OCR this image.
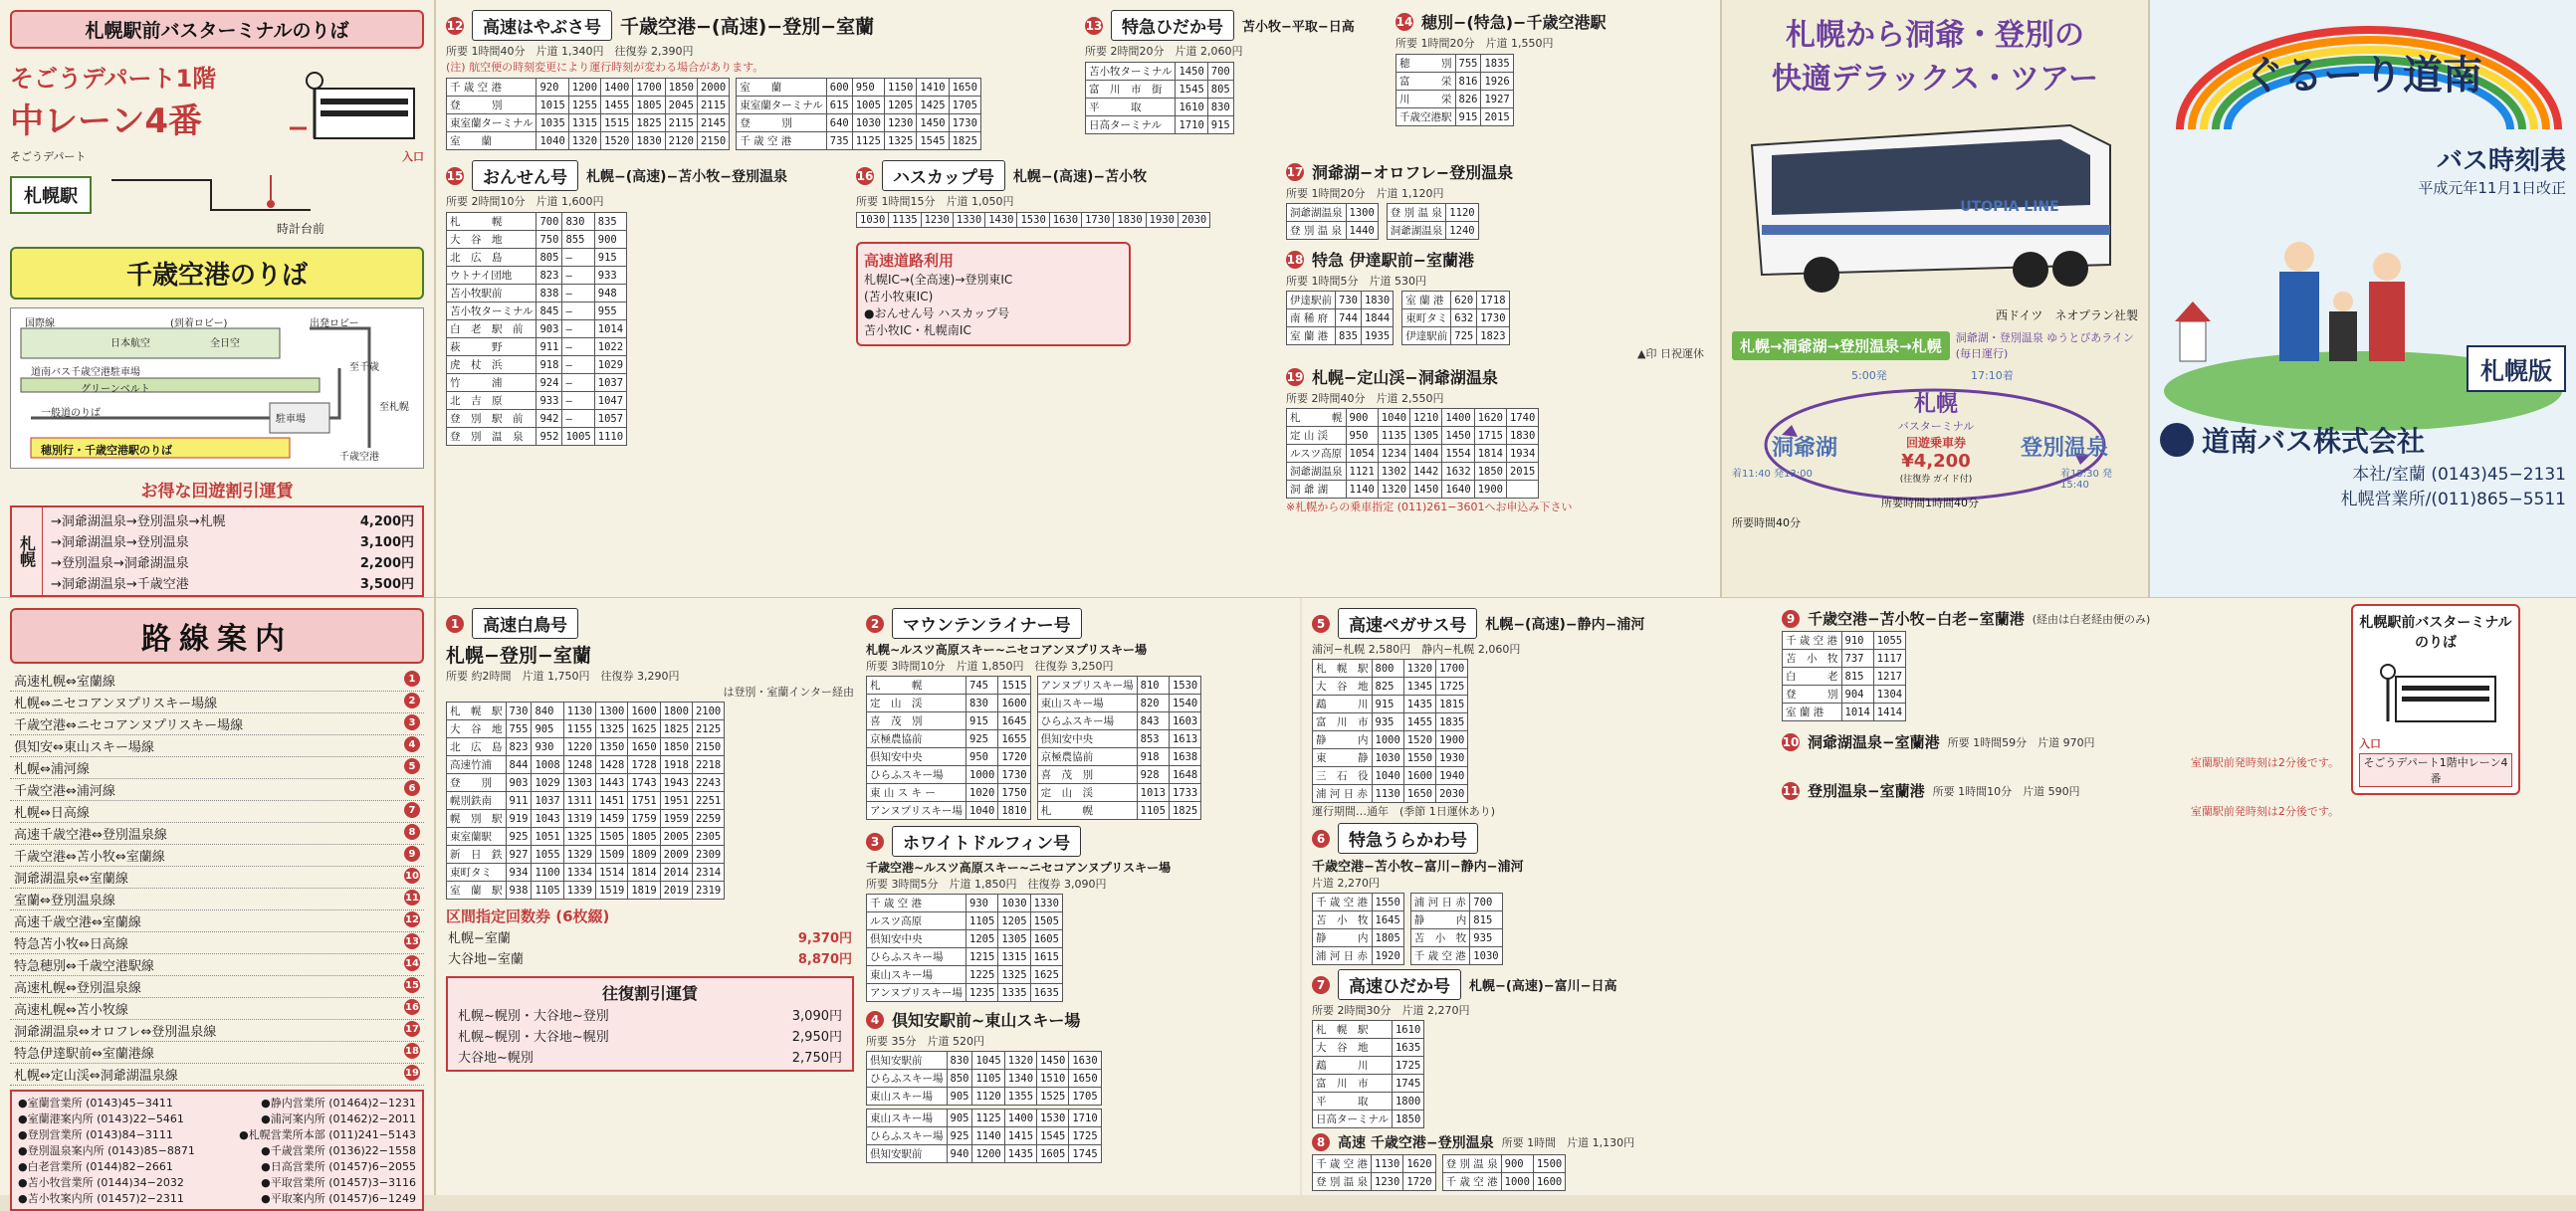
札幌駅前バスターミナルのりば
そごうデパート1階
中レーン4番
そごうデパート	入口
札幌駅
時計台前
千歳空港のりば
国際線
日本航空
(到着ロビー)
全日空
出発ロビー
道南バス千歳空港駐車場
グリーンベルト
駐車場
至千歳
至札幌
一般道のりば
千歳空港
穂別行・千歳空港駅のりば
お得な回遊割引運賃
札幌
→洞爺湖温泉→登別温泉→札幌	4,200円
→洞爺湖温泉→登別温泉	3,100円
→登別温泉→洞爺湖温泉	2,200円
→洞爺湖温泉→千歳空港	3,500円
12	高速はやぶさ号	千歳空港−(高速)−登別−室蘭
所要 1時間40分　片道 1,340円　往復券 2,390円
(注) 航空便の時刻変更により運行時刻が変わる場合があります。
千 歳 空 港	920	1200	1400	1700	1850	2000
登　　　別	1015	1255	1455	1805	2045	2115
東室蘭ターミナル	1035	1315	1515	1825	2115	2145
室　　蘭	1040	1320	1520	1830	2120	2150
室　　蘭	600	950	1150	1410	1650
東室蘭ターミナル	615	1005	1205	1425	1705
登　　　別	640	1030	1230	1450	1730
千 歳 空 港	735	1125	1325	1545	1825
13	特急ひだか号	苫小牧−平取−日高
所要 2時間20分　片道 2,060円
苫小牧ターミナル	1450	700
富　川　市　街	1545	805
平　　　取	1610	830
日高ターミナル	1710	915
14 穂別−(特急)−千歳空港駅
所要 1時間20分　片道 1,550円
穂　　　別	755	1835
富　　　栄	816	1926
川　　　栄	826	1927
千歳空港駅	915	2015
15	おんせん号	札幌−(高速)−苫小牧−登別温泉
所要 2時間10分　片道 1,600円
札　　　幌	700	830	835
大　谷　地	750	855	900
北　広　島	805	—	915
ウトナイ団地	823	—	933
苫小牧駅前	838	—	948
苫小牧ターミナル	845	—	955
白　老　駅　前	903	—	1014
萩　　　野	911	—	1022
虎　杖　浜	918	—	1029
竹　　　浦	924	—	1037
北　吉　原	933	—	1047
登　別　駅　前	942	—	1057
登　別　温　泉	952	1005	1110
16	ハスカップ号	札幌−(高速)−苫小牧
所要 1時間15分　片道 1,050円
1030	1135	1230	1330	1430	1530	1630	1730	1830	1930	2030
高速道路利用
札幌IC→(全高速)→登別東IC
(苫小牧東IC)
●おんせん号 ハスカップ号
苫小牧IC・札幌南IC
17 洞爺湖−オロフレ−登別温泉
所要 1時間20分　片道 1,120円
洞爺湖温泉	1300
登 別 温 泉	1440
登 別 温 泉	1120
洞爺湖温泉	1240
18 特急 伊達駅前−室蘭港
所要 1時間5分　片道 530円
伊達駅前	730	1830
南 稀 府	744	1844
室 蘭 港	835	1935
室 蘭 港	620	1718
東町タミ	632	1730
伊達駅前	725	1823
▲印 日祝運休
19 札幌−定山渓−洞爺湖温泉
所要 2時間40分　片道 2,550円
札　　　幌	900	1040	1210	1400	1620	1740
定 山 渓	950	1135	1305	1450	1715	1830
ルスツ高原	1054	1234	1404	1554	1814	1934
洞爺湖温泉	1121	1302	1442	1632	1850	2015
洞 爺 湖	1140	1320	1450	1640	1900	
※札幌からの乗車指定 (011)261−3601へお申込み下さい
札幌から洞爺・登別の
快適デラックス・ツアー
UTOPIA LINE
西ドイツ　ネオプラン社製
札幌→洞爺湖→登別温泉→札幌	洞爺湖・登別温泉 ゆうとぴあライン
(毎日運行)
5:00発	17:10着
札幌
バスターミナル
回遊乗車券
¥4,200
(往復券 ガイド付)
洞爺湖	登別温泉
着11:40 発13:00	着15:30 発15:40
所要時間1時間40分
所要時間40分
ぐるーり道南
バス時刻表
平成元年11月1日改正
札幌版
道南バス株式会社
本社/室蘭 (0143)45−2131
札幌営業所/(011)865−5511
路線案内
高速札幌⇔室蘭線	1
札幌⇔ニセコアンヌプリスキー場線	2
千歳空港⇔ニセコアンヌプリスキー場線	3
倶知安⇔東山スキー場線	4
札幌⇔浦河線	5
千歳空港⇔浦河線	6
札幌⇔日高線	7
高速千歳空港⇔登別温泉線	8
千歳空港⇔苫小牧⇔室蘭線	9
洞爺湖温泉⇔室蘭線	10
室蘭⇔登別温泉線	11
高速千歳空港⇔室蘭線	12
特急苫小牧⇔日高線	13
特急穂別⇔千歳空港駅線	14
高速札幌⇔登別温泉線	15
高速札幌⇔苫小牧線	16
洞爺湖温泉⇔オロフレ⇔登別温泉線	17
特急伊達駅前⇔室蘭港線	18
札幌⇔定山渓⇔洞爺湖温泉線	19
●室蘭営業所 (0143)45−3411	●静内営業所 (01464)2−1231
●室蘭港案内所 (0143)22−5461	●浦河案内所 (01462)2−2011
●登別営業所 (0143)84−3111	●札幌営業所本部 (011)241−5143
●登別温泉案内所 (0143)85−8871	●千歳営業所 (0136)22−1558
●白老営業所 (0144)82−2661	●日高営業所 (01457)6−2055
●苫小牧営業所 (0144)34−2032	●平取営業所 (01457)3−3116
●苫小牧案内所 (01457)2−2311	●平取案内所 (01457)6−1249
1	高速白鳥号
札幌−登別−室蘭
所要 約2時間　片道 1,750円　往復券 3,290円
は登別・室蘭インター経由
札　幌　駅	730	840	1130	1300	1600	1800	2100
大　谷　地	755	905	1155	1325	1625	1825	2125
北　広　島	823	930	1220	1350	1650	1850	2150
高速竹浦	844	1008	1248	1428	1728	1918	2218
登　　別	903	1029	1303	1443	1743	1943	2243
幌別鉄南	911	1037	1311	1451	1751	1951	2251
幌　別　駅	919	1043	1319	1459	1759	1959	2259
東室蘭駅	925	1051	1325	1505	1805	2005	2305
新　日　鉄	927	1055	1329	1509	1809	2009	2309
東町タミ	934	1100	1334	1514	1814	2014	2314
室　蘭　駅	938	1105	1339	1519	1819	2019	2319
区間指定回数券 (6枚綴)
札幌−室蘭	9,370円
大谷地−室蘭	8,870円
往復割引運賃
札幌∼幌別・大谷地∼登別	3,090円
札幌∼幌別・大谷地∼幌別	2,950円
大谷地∼幌別	2,750円
2	マウンテンライナー号
札幌∼ルスツ高原スキー∼ニセコアンヌプリスキー場
所要 3時間10分　片道 1,850円　往復券 3,250円
札　　　幌	745	1515
定　山　渓	830	1600
喜　茂　別	915	1645
京極農協前	925	1655
倶知安中央	950	1720
ひらふスキー場	1000	1730
東 山 ス キ ー	1020	1750
アンヌプリスキー場	1040	1810
アンヌプリスキー場	810	1530
東山スキー場	820	1540
ひらふスキー場	843	1603
倶知安中央	853	1613
京極農協前	918	1638
喜　茂　別	928	1648
定　山　渓	1013	1733
札　　　幌	1105	1825
3	ホワイトドルフィン号
千歳空港∼ルスツ高原スキー∼ニセコアンヌプリスキー場
所要 3時間5分　片道 1,850円　往復券 3,090円
千 歳 空 港	930	1030	1330
ルスツ高原	1105	1205	1505
倶知安中央	1205	1305	1605
ひらふスキー場	1215	1315	1615
東山スキー場	1225	1325	1625
アンヌプリスキー場	1235	1335	1635
4 倶知安駅前∼東山スキー場
所要 35分　片道 520円
倶知安駅前	830	1045	1320	1450	1630
ひらふスキー場	850	1105	1340	1510	1650
東山スキー場	905	1120	1355	1525	1705
東山スキー場	905	1125	1400	1530	1710
ひらふスキー場	925	1140	1415	1545	1725
倶知安駅前	940	1200	1435	1605	1745
5	高速ペガサス号	札幌−(高速)−静内−浦河
浦河−札幌 2,580円　静内−札幌 2,060円
札　幌　駅	800	1320	1700
大　谷　地	825	1345	1725
鵡　　　川	915	1435	1815
富　川　市	935	1455	1835
静　　　内	1000	1520	1900
東　　　静	1030	1550	1930
三　石　役	1040	1600	1940
浦 河 日 赤	1130	1650	2030
運行期間…通年　(季節 1日運休あり)
6	特急うらかわ号
千歳空港−苫小牧−富川−静内−浦河
片道 2,270円
千 歳 空 港	1550
苫　小　牧	1645
静　　　内	1805
浦 河 日 赤	1920
浦 河 日 赤	700
静　　　内	815
苫　小　牧	935
千 歳 空 港	1030
7	高速ひだか号	札幌−(高速)−富川−日高
所要 2時間30分　片道 2,270円
札　幌　駅	1610
大　谷　地	1635
鵡　　　川	1725
富　川　市	1745
平　　　取	1800
日高ターミナル	1850
8 高速 千歳空港−登別温泉 所要 1時間　片道 1,130円
千 歳 空 港	1130	1620
登 別 温 泉	1230	1720
登 別 温 泉	900	1500
千 歳 空 港	1000	1600
9 千歳空港−苫小牧−白老−室蘭港 (経由は白老経由便のみ)
千 歳 空 港	910	1055
苫　小　牧	737	1117
白　　　老	815	1217
登　　　別	904	1304
室 蘭 港	1014	1414
10 洞爺湖温泉−室蘭港 所要 1時間59分　片道 970円
室蘭駅前発時刻は2分後です。
11 登別温泉−室蘭港 所要 1時間10分　片道 590円
室蘭駅前発時刻は2分後です。
札幌駅前バスターミナルのりば
入口
そごうデパート1階中レーン4番
